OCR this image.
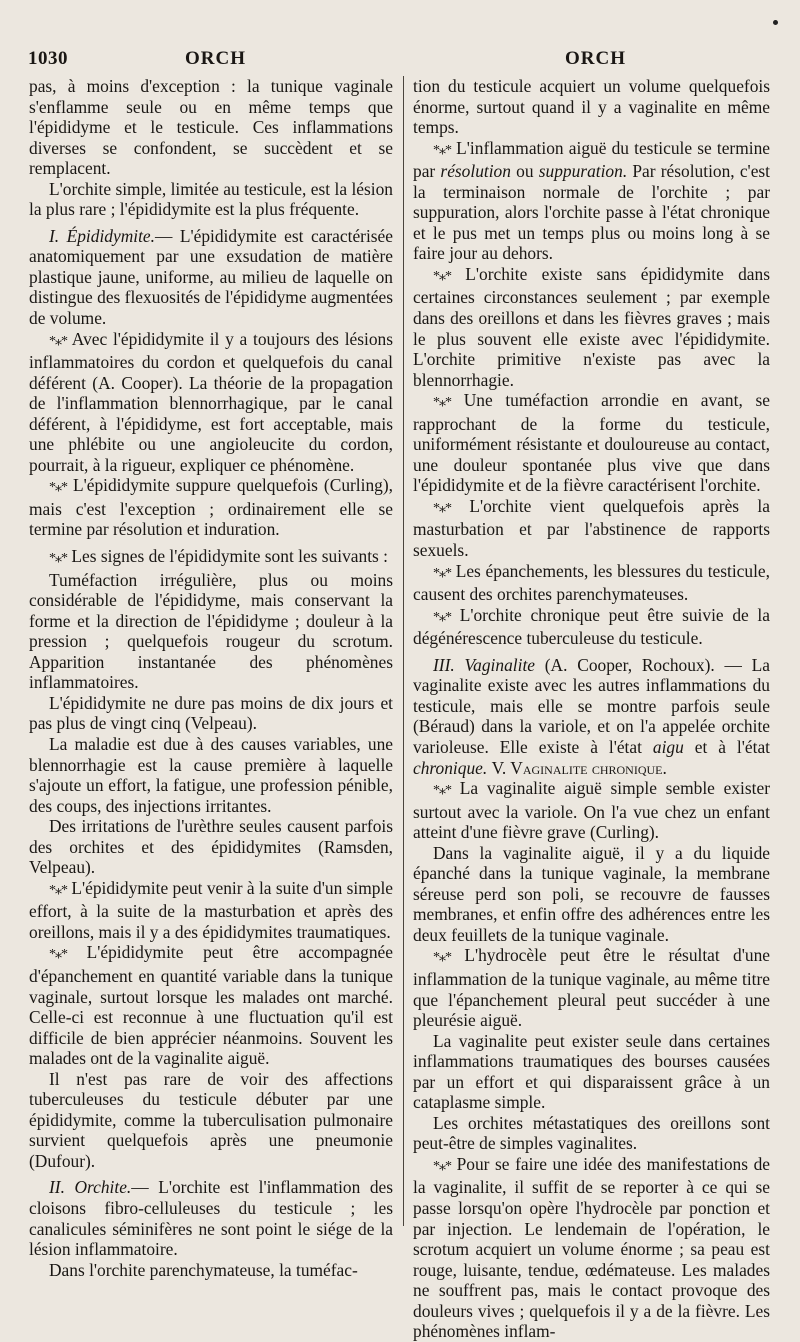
1030	ORCH	ORCH

pas, à moins d'exception : la tunique vaginale s'enflamme seule ou en même temps que l'épididyme et le testicule. Ces inflammations diverses se confondent, se succèdent et se remplacent.

L'orchite simple, limitée au testicule, est la lésion la plus rare ; l'épididymite est la plus fréquente.

I. Épididymite.— L'épididymite est caractérisée anatomiquement par une exsudation de matière plastique jaune, uniforme, au milieu de laquelle on distingue des flexuosités de l'épididyme augmentées de volume.

*⁎* Avec l'épididymite il y a toujours des lésions inflammatoires du cordon et quelquefois du canal déférent (A. Cooper). La théorie de la propagation de l'inflammation blennorrhagique, par le canal déférent, à l'épididyme, est fort acceptable, mais une phlébite ou une angioleucite du cordon, pourrait, à la rigueur, expliquer ce phénomène.

*⁎* L'épididymite suppure quelquefois (Curling), mais c'est l'exception ; ordinairement elle se termine par résolution et induration.

*⁎* Les signes de l'épididymite sont les suivants :

Tuméfaction irrégulière, plus ou moins considérable de l'épididyme, mais conservant la forme et la direction de l'épididyme ; douleur à la pression ; quelquefois rougeur du scrotum. Apparition instantanée des phénomènes inflammatoires.

L'épididymite ne dure pas moins de dix jours et pas plus de vingt cinq (Velpeau).

La maladie est due à des causes variables, une blennorrhagie est la cause première à laquelle s'ajoute un effort, la fatigue, une profession pénible, des coups, des injections irritantes.

Des irritations de l'urèthre seules causent parfois des orchites et des épididymites (Ramsden, Velpeau).

*⁎* L'épididymite peut venir à la suite d'un simple effort, à la suite de la masturbation et après des oreillons, mais il y a des épididymites traumatiques.

*⁎* L'épididymite peut être accompagnée d'épanchement en quantité variable dans la tunique vaginale, surtout lorsque les malades ont marché. Celle-ci est reconnue à une fluctuation qu'il est difficile de bien apprécier néanmoins. Souvent les malades ont de la vaginalite aiguë.

Il n'est pas rare de voir des affections tuberculeuses du testicule débuter par une épididymite, comme la tuberculisation pulmonaire survient quelquefois après une pneumonie (Dufour).

II. Orchite.— L'orchite est l'inflammation des cloisons fibro-celluleuses du testicule ; les canalicules séminifères ne sont point le siége de la lésion inflammatoire.

Dans l'orchite parenchymateuse, la tuméfac-

tion du testicule acquiert un volume quelquefois énorme, surtout quand il y a vaginalite en même temps.

*⁎* L'inflammation aiguë du testicule se termine par résolution ou suppuration. Par résolution, c'est la terminaison normale de l'orchite ; par suppuration, alors l'orchite passe à l'état chronique et le pus met un temps plus ou moins long à se faire jour au dehors.

*⁎* L'orchite existe sans épididymite dans certaines circonstances seulement ; par exemple dans des oreillons et dans les fièvres graves ; mais le plus souvent elle existe avec l'épididymite. L'orchite primitive n'existe pas avec la blennorrhagie.

*⁎* Une tuméfaction arrondie en avant, se rapprochant de la forme du testicule, uniformément résistante et douloureuse au contact, une douleur spontanée plus vive que dans l'épididymite et de la fièvre caractérisent l'orchite.

*⁎* L'orchite vient quelquefois après la masturbation et par l'abstinence de rapports sexuels.

*⁎* Les épanchements, les blessures du testicule, causent des orchites parenchymateuses.

*⁎* L'orchite chronique peut être suivie de la dégénérescence tuberculeuse du testicule.

III. Vaginalite (A. Cooper, Rochoux). — La vaginalite existe avec les autres inflammations du testicule, mais elle se montre parfois seule (Béraud) dans la variole, et on l'a appelée orchite varioleuse. Elle existe à l'état aigu et à l'état chronique. V. Vaginalite chronique.

*⁎* La vaginalite aiguë simple semble exister surtout avec la variole. On l'a vue chez un enfant atteint d'une fièvre grave (Curling).

Dans la vaginalite aiguë, il y a du liquide épanché dans la tunique vaginale, la membrane séreuse perd son poli, se recouvre de fausses membranes, et enfin offre des adhérences entre les deux feuillets de la tunique vaginale.

*⁎* L'hydrocèle peut être le résultat d'une inflammation de la tunique vaginale, au même titre que l'épanchement pleural peut succéder à une pleurésie aiguë.

La vaginalite peut exister seule dans certaines inflammations traumatiques des bourses causées par un effort et qui disparaissent grâce à un cataplasme simple.

Les orchites métastatiques des oreillons sont peut-être de simples vaginalites.

*⁎* Pour se faire une idée des manifestations de la vaginalite, il suffit de se reporter à ce qui se passe lorsqu'on opère l'hydrocèle par ponction et par injection. Le lendemain de l'opération, le scrotum acquiert un volume énorme ; sa peau est rouge, luisante, tendue, œdémateuse. Les malades ne souffrent pas, mais le contact provoque des douleurs vives ; quelquefois il y a de la fièvre. Les phénomènes inflam-
